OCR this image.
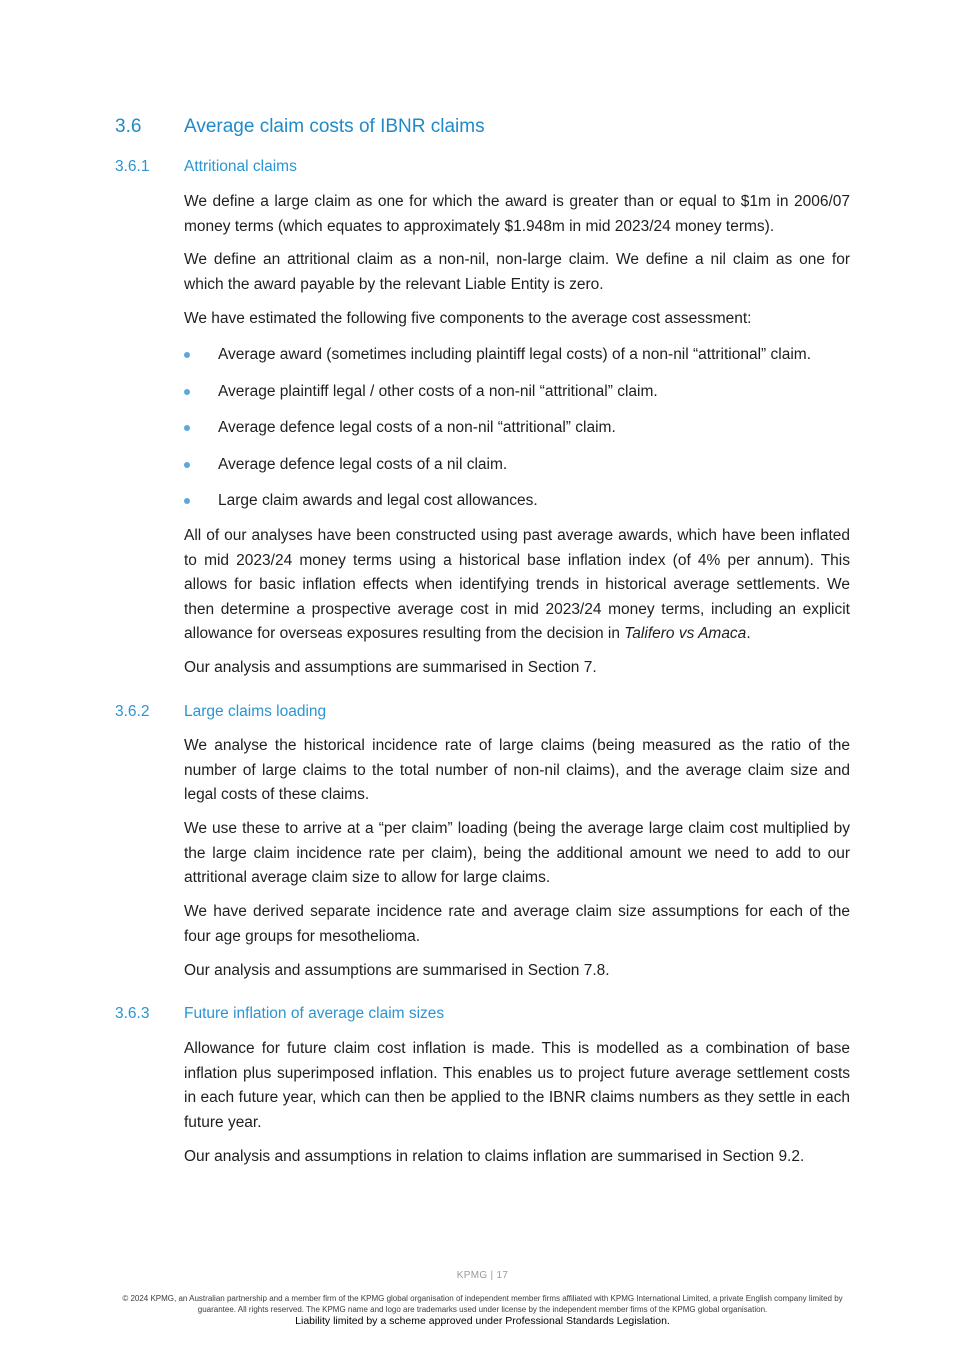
3.6 Average claim costs of IBNR claims
3.6.1 Attritional claims

We define a large claim as one for which the award is greater than or equal to $1m in 2006/07 money terms (which equates to approximately $1.948m in mid 2023/24 money terms).

We define an attritional claim as a non-nil, non-large claim. We define a nil claim as one for which the award payable by the relevant Liable Entity is zero.

We have estimated the following five components to the average cost assessment:

Average award (sometimes including plaintiff legal costs) of a non-nil “attritional” claim.
Average plaintiff legal / other costs of a non-nil “attritional” claim.
Average defence legal costs of a non-nil “attritional” claim.
Average defence legal costs of a nil claim.
Large claim awards and legal cost allowances.

All of our analyses have been constructed using past average awards, which have been inflated to mid 2023/24 money terms using a historical base inflation index (of 4% per annum). This allows for basic inflation effects when identifying trends in historical average settlements. We then determine a prospective average cost in mid 2023/24 money terms, including an explicit allowance for overseas exposures resulting from the decision in Talifero vs Amaca.

Our analysis and assumptions are summarised in Section 7.

3.6.2 Large claims loading

We analyse the historical incidence rate of large claims (being measured as the ratio of the number of large claims to the total number of non-nil claims), and the average claim size and legal costs of these claims.

We use these to arrive at a “per claim” loading (being the average large claim cost multiplied by the large claim incidence rate per claim), being the additional amount we need to add to our attritional average claim size to allow for large claims.

We have derived separate incidence rate and average claim size assumptions for each of the four age groups for mesothelioma.

Our analysis and assumptions are summarised in Section 7.8.

3.6.3 Future inflation of average claim sizes

Allowance for future claim cost inflation is made. This is modelled as a combination of base inflation plus superimposed inflation. This enables us to project future average settlement costs in each future year, which can then be applied to the IBNR claims numbers as they settle in each future year.

Our analysis and assumptions in relation to claims inflation are summarised in Section 9.2.

KPMG | 17
© 2024 KPMG, an Australian partnership and a member firm of the KPMG global organisation of independent member firms affiliated with KPMG International Limited, a private English company limited by guarantee. All rights reserved. The KPMG name and logo are trademarks used under license by the independent member firms of the KPMG global organisation.
Liability limited by a scheme approved under Professional Standards Legislation.
